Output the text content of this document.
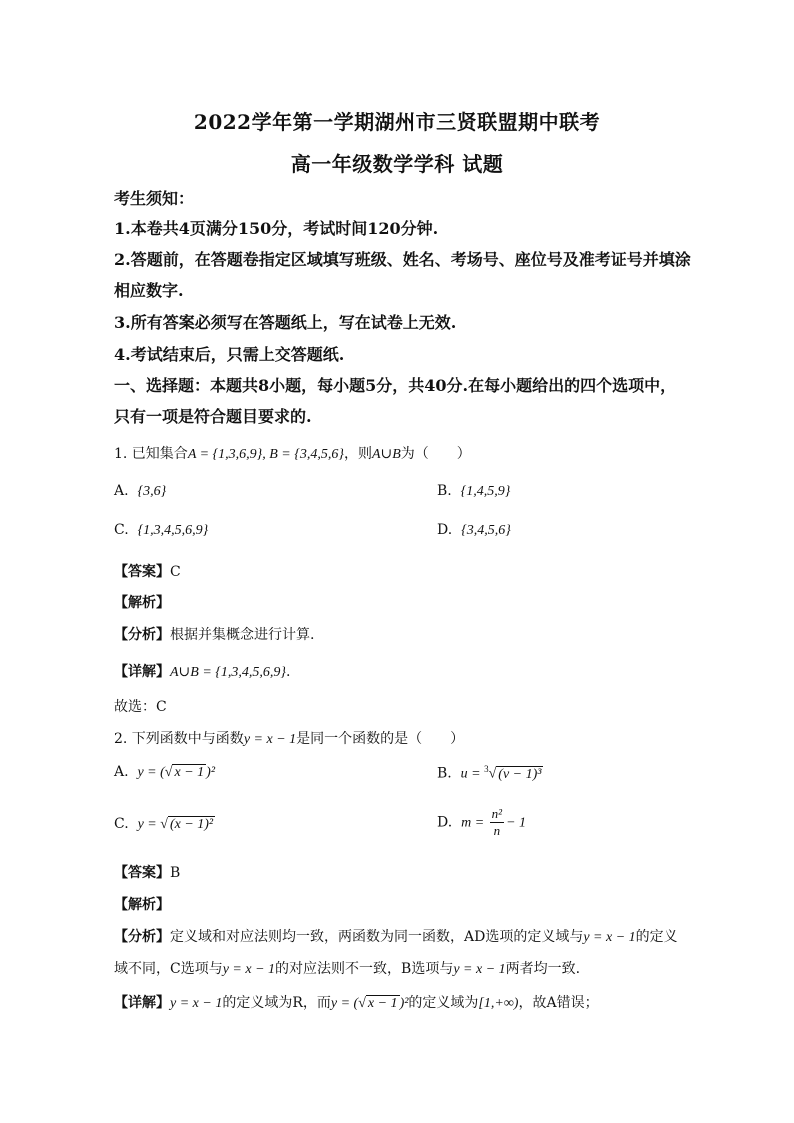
2022学年第一学期湖州市三贤联盟期中联考
高一年级数学学科 试题
考生须知：
1.本卷共4页满分150分，考试时间120分钟.
2.答题前，在答题卷指定区域填写班级、姓名、考场号、座位号及准考证号并填涂
相应数字.
3.所有答案必须写在答题纸上，写在试卷上无效.
4.考试结束后，只需上交答题纸.
一、选择题：本题共8小题，每小题5分，共40分.在每小题给出的四个选项中，
只有一项是符合题目要求的.
1. 已知集合A = {1,3,6,9}, B = {3,4,5,6}，则A∪B为（　　）
A. {3,6}	B. {1,4,5,9}
C. {1,3,4,5,6,9}	D. {3,4,5,6}
【答案】C
【解析】
【分析】根据并集概念进行计算.
【详解】A∪B = {1,3,4,5,6,9}.
故选：C
2. 下列函数中与函数y = x − 1是同一个函数的是（　　）
A. y = (√ x − 1 )²	B. u = $^3$√ (v − 1)³
C. y = √ (x − 1)²	D. $m = \frac{\text{n²}}{n} - 1$
【答案】B
【解析】
【分析】定义域和对应法则均一致，两函数为同一函数，AD选项的定义域与y = x − 1的定义
域不同，C选项与y = x − 1的对应法则不一致，B选项与y = x − 1两者均一致.
【详解】y = x − 1的定义域为R，而y = (√ x − 1 )²的定义域为[1,+∞)，故A错误；
